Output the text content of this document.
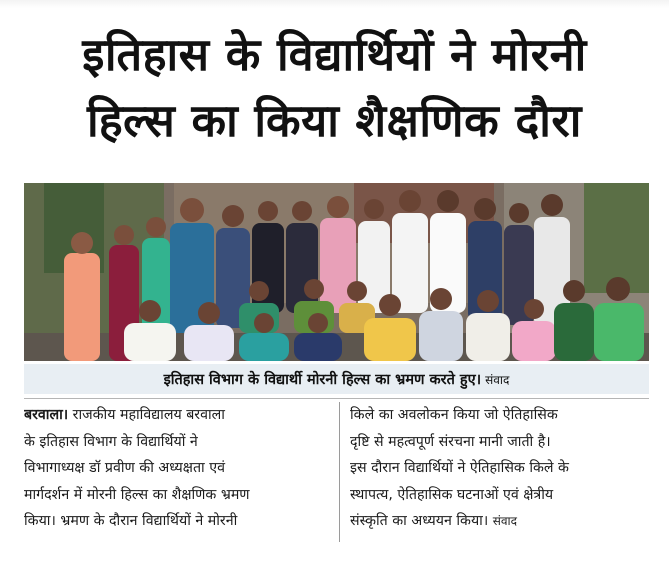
इतिहास के विद्यार्थियों ने मोरनी
हिल्स का किया शैक्षणिक दौरा
इतिहास विभाग के विद्यार्थी मोरनी हिल्स का भ्रमण करते हुए। संवाद
बरवाला। राजकीय महाविद्यालय बरवाला
के इतिहास विभाग के विद्यार्थियों ने
विभागाध्यक्ष डॉ प्रवीण की अध्यक्षता एवं
मार्गदर्शन में मोरनी हिल्स का शैक्षणिक भ्रमण
किया। भ्रमण के दौरान विद्यार्थियों ने मोरनी
किले का अवलोकन किया जो ऐतिहासिक
दृष्टि से महत्वपूर्ण संरचना मानी जाती है।
इस दौरान विद्यार्थियों ने ऐतिहासिक किले के
स्थापत्य, ऐतिहासिक घटनाओं एवं क्षेत्रीय
संस्कृति का अध्ययन किया। संवाद
